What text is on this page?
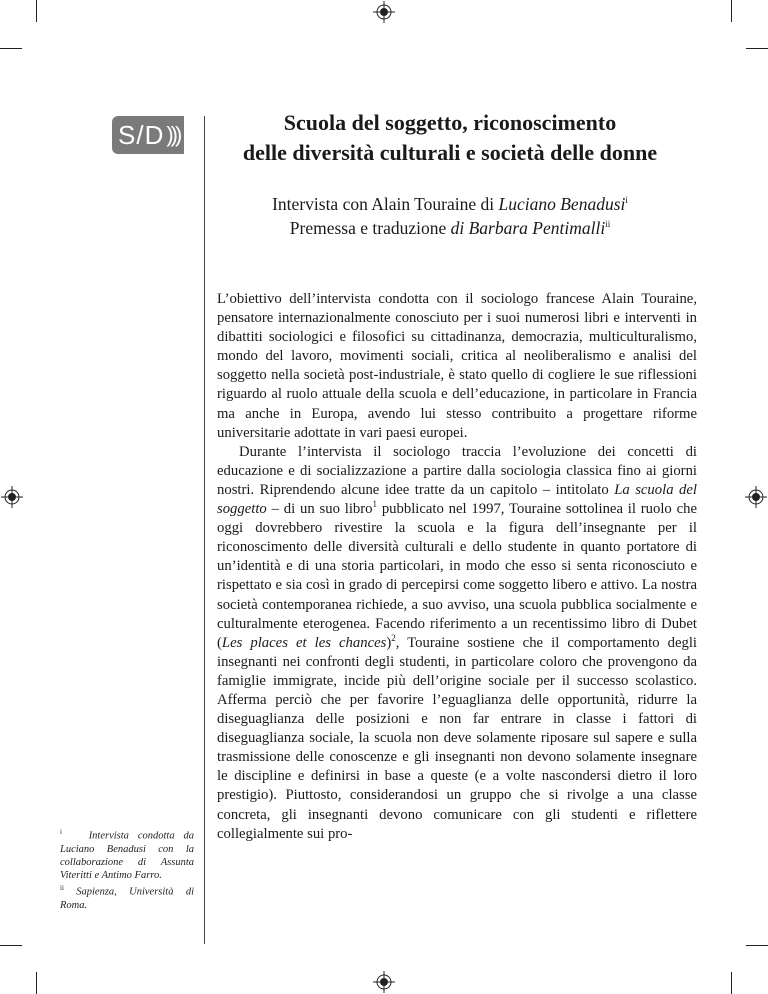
S/D )))	Scuola del soggetto, riconoscimento
delle diversità culturali e società delle donne
Intervista con Alain Touraine di Luciano Benadusi$^i$
Premessa e traduzione di Barbara Pentimalli$^{ii}$

L’obiettivo dell’intervista condotta con il sociologo francese Alain Touraine, pensatore internazionalmente conosciuto per i suoi numerosi libri e interventi in dibattiti sociologici e filosofici su cittadinanza, democrazia, multiculturalismo, mondo del lavoro, movimenti sociali, critica al neoliberalismo e analisi del soggetto nella società post-industriale, è stato quello di cogliere le sue riflessioni riguardo al ruolo attuale della scuola e dell’educazione, in particolare in Francia ma anche in Europa, avendo lui stesso contribuito a progettare riforme universitarie adottate in vari paesi europei.

Durante l’intervista il sociologo traccia l’evoluzione dei concetti di educazione e di socializzazione a partire dalla sociologia classica fino ai giorni nostri. Riprendendo alcune idee tratte da un capitolo – intitolato La scuola del soggetto – di un suo libro$^1$ pubblicato nel 1997, Touraine sottolinea il ruolo che oggi dovrebbero rivestire la scuola e la figura dell’insegnante per il riconoscimento delle diversità culturali e dello studente in quanto portatore di un’identità e di una storia particolari, in modo che esso si senta riconosciuto e rispettato e sia così in grado di percepirsi come soggetto libero e attivo. La nostra società contemporanea richiede, a suo avviso, una scuola pubblica socialmente e culturalmente eterogenea. Facendo riferimento a un recentissimo libro di Dubet (Les places et les chances)$^2$, Touraine sostiene che il comportamento degli insegnanti nei confronti degli studenti, in particolare coloro che provengono da famiglie immigrate, incide più dell’origine sociale per il successo scolastico. Afferma perciò che per favorire l’eguaglianza delle opportunità, ridurre la diseguaglianza delle posizioni e non far entrare in classe i fattori di diseguaglianza sociale, la scuola non deve solamente riposare sul sapere e sulla trasmissione delle conoscenze e gli insegnanti non devono solamente insegnare le discipline e definirsi in base a queste (e a volte nascondersi dietro il loro prestigio). Piuttosto, considerandosi un gruppo che si rivolge a una classe concreta, gli insegnanti devono comunicare con gli studenti e riflettere collegialmente sui pro-

$^i$	Intervista condotta da Luciano Benadusi con la collaborazione di Assunta Viteritti e Antimo Farro.

$^{ii}$ Sapienza, Università di Roma.
